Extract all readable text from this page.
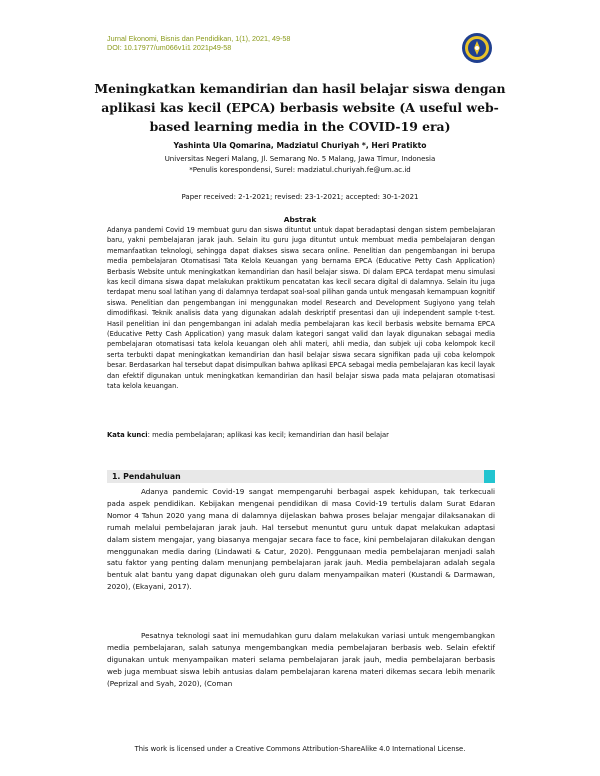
Jurnal Ekonomi, Bisnis dan Pendidikan, 1(1), 2021, 49-58
DOI: 10.17977/um066v1i1 2021p49-58
Meningkatkan kemandirian dan hasil belajar siswa dengan aplikasi kas kecil (EPCA) berbasis website (A useful web-based learning media in the COVID-19 era)
Yashinta Ula Qomarina, Madziatul Churiyah *, Heri Pratikto
Universitas Negeri Malang, Jl. Semarang No. 5 Malang, Jawa Timur, Indonesia
*Penulis korespondensi, Surel: madziatul.churiyah.fe@um.ac.id
Paper received: 2-1-2021; revised: 23-1-2021; accepted: 30-1-2021
Abstrak
Adanya pandemi Covid 19 membuat guru dan siswa dituntut untuk dapat beradaptasi dengan sistem pembelajaran baru, yakni pembelajaran jarak jauh. Selain itu guru juga dituntut untuk membuat media pembelajaran dengan memanfaatkan teknologi, sehingga dapat diakses siswa secara online. Penelitian dan pengembangan ini berupa media pembelajaran Otomatisasi Tata Kelola Keuangan yang bernama EPCA (Educative Petty Cash Application) Berbasis Website untuk meningkatkan kemandirian dan hasil belajar siswa. Di dalam EPCA terdapat menu simulasi kas kecil dimana siswa dapat melakukan praktikum pencatatan kas kecil secara digital di dalamnya. Selain itu juga terdapat menu soal latihan yang di dalamnya terdapat soal-soal pilihan ganda untuk mengasah kemampuan kognitif siswa. Penelitian dan pengembangan ini menggunakan model Research and Development Sugiyono yang telah dimodifikasi. Teknik analisis data yang digunakan adalah deskriptif presentasi dan uji independent sample t-test. Hasil penelitian ini dan pengembangan ini adalah media pembelajaran kas kecil berbasis website bernama EPCA (Educative Petty Cash Application) yang masuk dalam kategori sangat valid dan layak digunakan sebagai media pembelajaran otomatisasi tata kelola keuangan oleh ahli materi, ahli media, dan subjek uji coba kelompok kecil serta terbukti dapat meningkatkan kemandirian dan hasil belajar siswa secara signifikan pada uji coba kelompok besar. Berdasarkan hal tersebut dapat disimpulkan bahwa aplikasi EPCA sebagai media pembelajaran kas kecil layak dan efektif digunakan untuk meningkatkan kemandirian dan hasil belajar siswa pada mata pelajaran otomatisasi tata kelola keuangan.
Kata kunci: media pembelajaran; aplikasi kas kecil; kemandirian dan hasil belajar
1. Pendahuluan
Adanya pandemic Covid-19 sangat mempengaruhi berbagai aspek kehidupan, tak terkecuali pada aspek pendidikan. Kebijakan mengenai pendidikan di masa Covid-19 tertulis dalam Surat Edaran Nomor 4 Tahun 2020 yang mana di dalamnya dijelaskan bahwa proses belajar mengajar dilaksanakan di rumah melalui pembelajaran jarak jauh. Hal tersebut menuntut guru untuk dapat melakukan adaptasi dalam sistem mengajar, yang biasanya mengajar secara face to face, kini pembelajaran dilakukan dengan menggunakan media daring (Lindawati & Catur, 2020). Penggunaan media pembelajaran menjadi salah satu faktor yang penting dalam menunjang pembelajaran jarak jauh. Media pembelajaran adalah segala bentuk alat bantu yang dapat digunakan oleh guru dalam menyampaikan materi (Kustandi & Darmawan, 2020), (Ekayani, 2017).
Pesatnya teknologi saat ini memudahkan guru dalam melakukan variasi untuk mengembangkan media pembelajaran, salah satunya mengembangkan media pembelajaran berbasis web. Selain efektif digunakan untuk menyampaikan materi selama pembelajaran jarak jauh, media pembelajaran berbasis web juga membuat siswa lebih antusias dalam pembelajaran karena materi dikemas secara lebih menarik (Peprizal and Syah, 2020), (Coman
This work is licensed under a Creative Commons Attribution-ShareAlike 4.0 International License.
